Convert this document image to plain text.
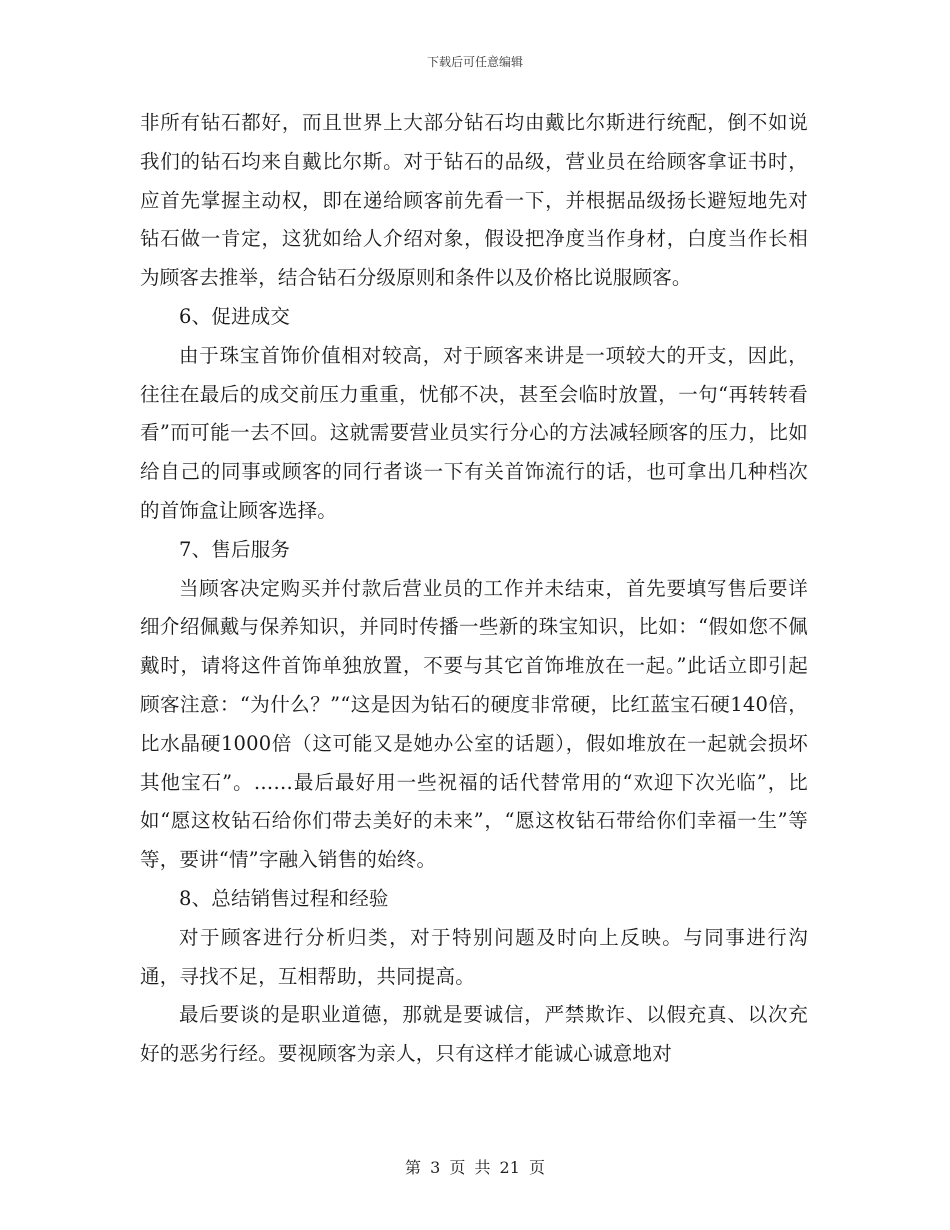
下载后可任意编辑

非所有钻石都好，而且世界上大部分钻石均由戴比尔斯进行统配，倒不如说我们的钻石均来自戴比尔斯。对于钻石的品级，营业员在给顾客拿证书时，应首先掌握主动权，即在递给顾客前先看一下，并根据品级扬长避短地先对钻石做一肯定，这犹如给人介绍对象，假设把净度当作身材，白度当作长相为顾客去推举，结合钻石分级原则和条件以及价格比说服顾客。

6、促进成交

由于珠宝首饰价值相对较高，对于顾客来讲是一项较大的开支，因此，往往在最后的成交前压力重重，忧郁不决，甚至会临时放置，一句“再转转看看”而可能一去不回。这就需要营业员实行分心的方法减轻顾客的压力，比如给自己的同事或顾客的同行者谈一下有关首饰流行的话，也可拿出几种档次的首饰盒让顾客选择。

7、售后服务

当顾客决定购买并付款后营业员的工作并未结束，首先要填写售后要详细介绍佩戴与保养知识，并同时传播一些新的珠宝知识，比如：“假如您不佩戴时，请将这件首饰单独放置，不要与其它首饰堆放在一起。”此话立即引起顾客注意：“为什么？”“这是因为钻石的硬度非常硬，比红蓝宝石硬140倍，比水晶硬1000倍（这可能又是她办公室的话题），假如堆放在一起就会损坏其他宝石”。……最后最好用一些祝福的话代替常用的“欢迎下次光临”，比如“愿这枚钻石给你们带去美好的未来”，“愿这枚钻石带给你们幸福一生”等等，要讲“情”字融入销售的始终。

8、总结销售过程和经验

对于顾客进行分析归类，对于特别问题及时向上反映。与同事进行沟通，寻找不足，互相帮助，共同提高。

最后要谈的是职业道德，那就是要诚信，严禁欺诈、以假充真、以次充好的恶劣行经。要视顾客为亲人，只有这样才能诚心诚意地对

第 3 页 共 21 页
